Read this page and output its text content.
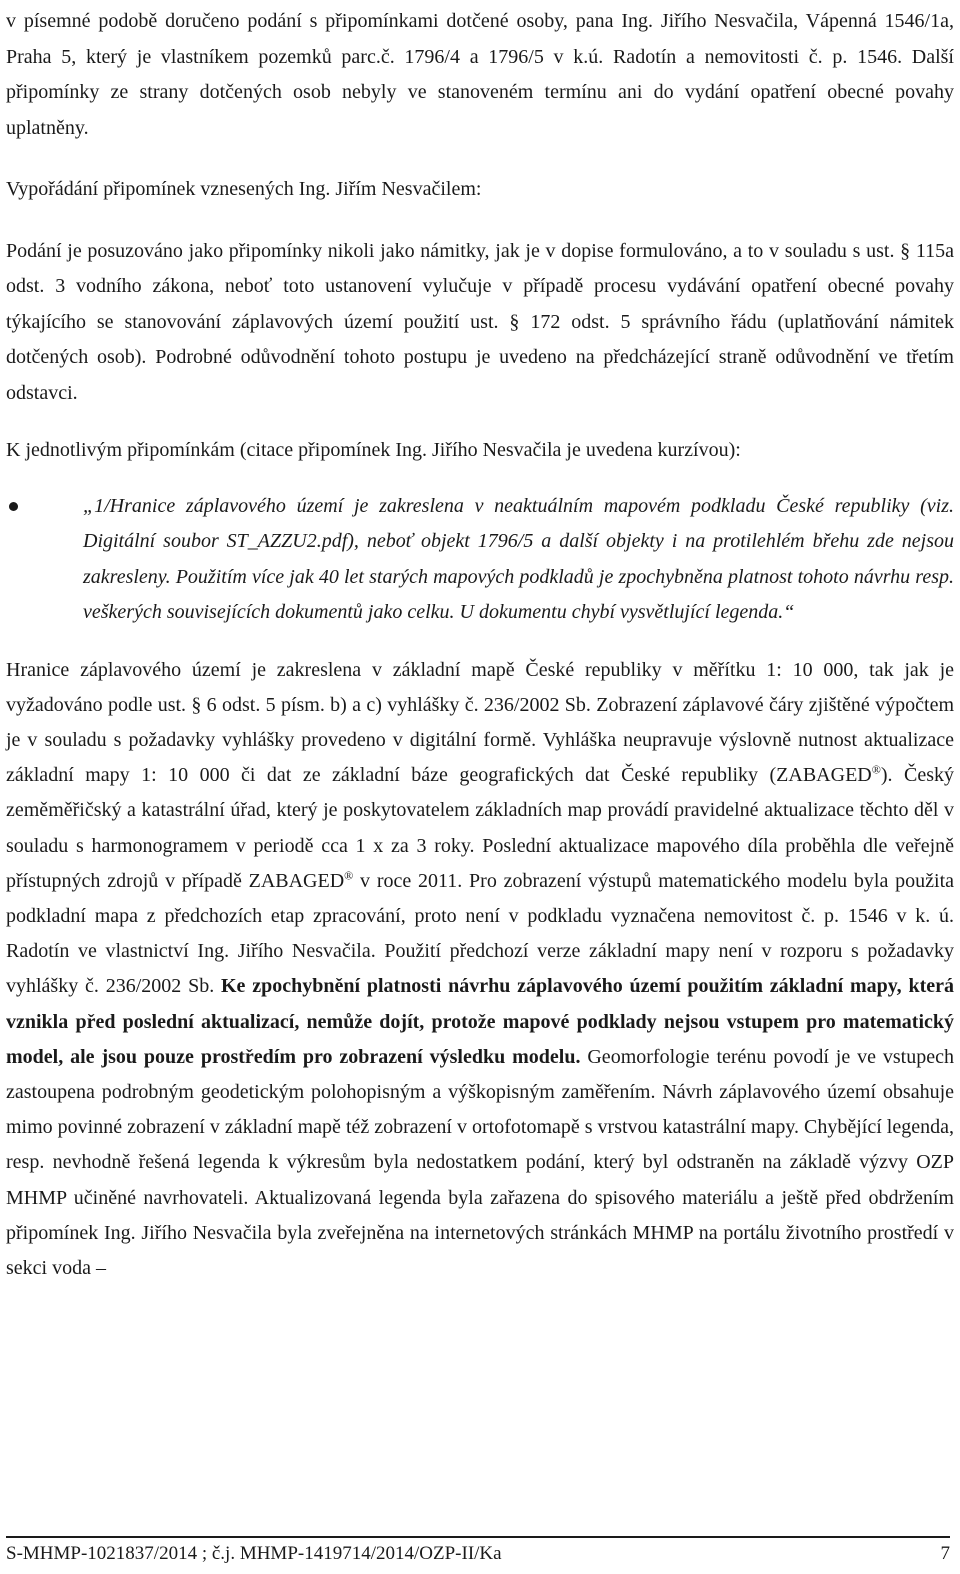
v písemné podobě doručeno podání s připomínkami dotčené osoby, pana Ing. Jiřího Nesvačila, Vápenná 1546/1a, Praha 5, který je vlastníkem pozemků parc.č. 1796/4 a 1796/5 v k.ú. Radotín a nemovitosti č. p. 1546. Další připomínky ze strany dotčených osob nebyly ve stanoveném termínu ani do vydání opatření obecné povahy uplatněny.

Vypořádání připomínek vznesených Ing. Jiřím Nesvačilem:

Podání je posuzováno jako připomínky nikoli jako námitky, jak je v dopise formulováno, a to v souladu s ust. § 115a odst. 3 vodního zákona, neboť toto ustanovení vylučuje v případě procesu vydávání opatření obecné povahy týkajícího se stanovování záplavových území použití ust. § 172 odst. 5 správního řádu (uplatňování námitek dotčených osob). Podrobné odůvodnění tohoto postupu je uvedeno na předcházející straně odůvodnění ve třetím odstavci.

K jednotlivým připomínkám (citace připomínek Ing. Jiřího Nesvačila je uvedena kurzívou):

„1/Hranice záplavového území je zakreslena v neaktuálním mapovém podkladu České republiky (viz. Digitální soubor ST_AZZU2.pdf), neboť objekt 1796/5 a další objekty i na protilehlém břehu zde nejsou zakresleny. Použitím více jak 40 let starých mapových podkladů je zpochybněna platnost tohoto návrhu resp. veškerých souvisejících dokumentů jako celku. U dokumentu chybí vysvětlující legenda.“

Hranice záplavového území je zakreslena v základní mapě České republiky v měřítku 1: 10 000, tak jak je vyžadováno podle ust. § 6 odst. 5 písm. b) a c) vyhlášky č. 236/2002 Sb. Zobrazení záplavové čáry zjištěné výpočtem je v souladu s požadavky vyhlášky provedeno v digitální formě. Vyhláška neupravuje výslovně nutnost aktualizace základní mapy 1: 10 000 či dat ze základní báze geografických dat České republiky (ZABAGED®). Český zeměměřičský a katastrální úřad, který je poskytovatelem základních map provádí pravidelné aktualizace těchto děl v souladu s harmonogramem v periodě cca 1 x za 3 roky. Poslední aktualizace mapového díla proběhla dle veřejně přístupných zdrojů v případě ZABAGED® v roce 2011. Pro zobrazení výstupů matematického modelu byla použita podkladní mapa z předchozích etap zpracování, proto není v podkladu vyznačena nemovitost č. p. 1546 v k. ú. Radotín ve vlastnictví Ing. Jiřího Nesvačila. Použití předchozí verze základní mapy není v rozporu s požadavky vyhlášky č. 236/2002 Sb. Ke zpochybnění platnosti návrhu záplavového území použitím základní mapy, která vznikla před poslední aktualizací, nemůže dojít, protože mapové podklady nejsou vstupem pro matematický model, ale jsou pouze prostředím pro zobrazení výsledku modelu. Geomorfologie terénu povodí je ve vstupech zastoupena podrobným geodetickým polohopisným a výškopisným zaměřením. Návrh záplavového území obsahuje mimo povinné zobrazení v základní mapě též zobrazení v ortofotomapě s vrstvou katastrální mapy. Chybějící legenda, resp. nevhodně řešená legenda k výkresům byla nedostatkem podání, který byl odstraněn na základě výzvy OZP MHMP učiněné navrhovateli. Aktualizovaná legenda byla zařazena do spisového materiálu a ještě před obdržením připomínek Ing. Jiřího Nesvačila byla zveřejněna na internetových stránkách MHMP na portálu životního prostředí v sekci voda –

S-MHMP-1021837/2014 ; č.j. MHMP-1419714/2014/OZP-II/Ka	7
